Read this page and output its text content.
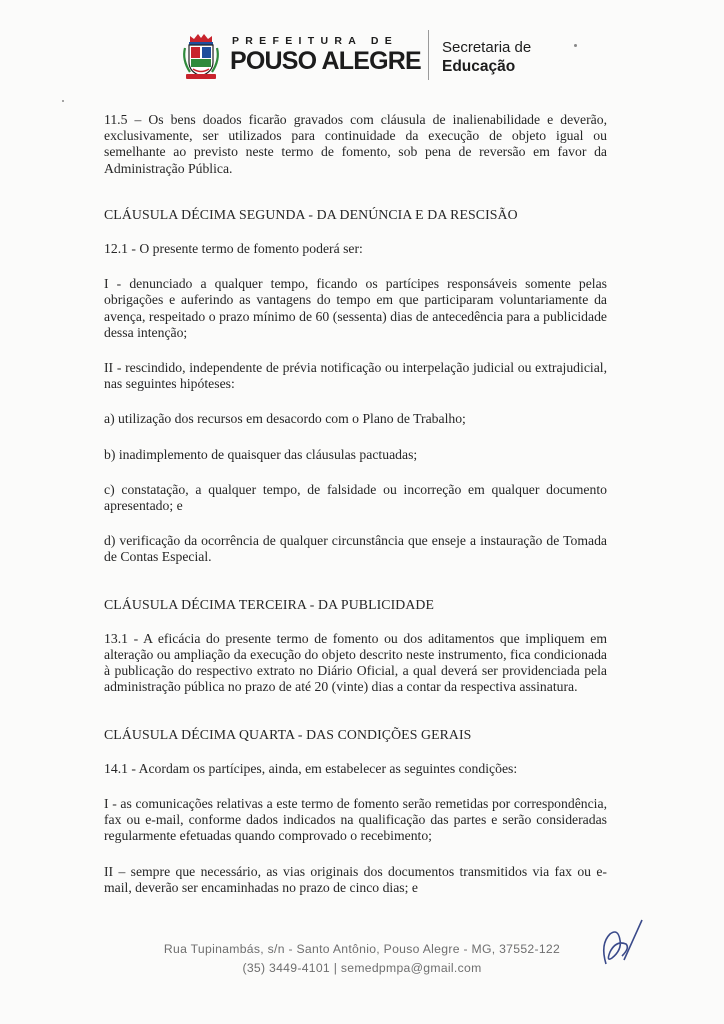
PREFEITURA DE
POUSO ALEGRE Secretaria de
Educação

11.5 – Os bens doados ficarão gravados com cláusula de inalienabilidade e deverão, exclusivamente, ser utilizados para continuidade da execução de objeto igual ou semelhante ao previsto neste termo de fomento, sob pena de reversão em favor da Administração Pública.

CLÁUSULA DÉCIMA SEGUNDA - DA DENÚNCIA E DA RESCISÃO

12.1 - O presente termo de fomento poderá ser:

I - denunciado a qualquer tempo, ficando os partícipes responsáveis somente pelas obrigações e auferindo as vantagens do tempo em que participaram voluntariamente da avença, respeitado o prazo mínimo de 60 (sessenta) dias de antecedência para a publicidade dessa intenção;

II - rescindido, independente de prévia notificação ou interpelação judicial ou extrajudicial, nas seguintes hipóteses:

a) utilização dos recursos em desacordo com o Plano de Trabalho;

b) inadimplemento de quaisquer das cláusulas pactuadas;

c) constatação, a qualquer tempo, de falsidade ou incorreção em qualquer documento apresentado; e

d) verificação da ocorrência de qualquer circunstância que enseje a instauração de Tomada de Contas Especial.

CLÁUSULA DÉCIMA TERCEIRA - DA PUBLICIDADE

13.1 - A eficácia do presente termo de fomento ou dos aditamentos que impliquem em alteração ou ampliação da execução do objeto descrito neste instrumento, fica condicionada à publicação do respectivo extrato no Diário Oficial, a qual deverá ser providenciada pela administração pública no prazo de até 20 (vinte) dias a contar da respectiva assinatura.

CLÁUSULA DÉCIMA QUARTA - DAS CONDIÇÕES GERAIS

14.1 - Acordam os partícipes, ainda, em estabelecer as seguintes condições:

I - as comunicações relativas a este termo de fomento serão remetidas por correspondência, fax ou e-mail, conforme dados indicados na qualificação das partes e serão consideradas regularmente efetuadas quando comprovado o recebimento;

II – sempre que necessário, as vias originais dos documentos transmitidos via fax ou e-mail, deverão ser encaminhadas no prazo de cinco dias; e

Rua Tupinambás, s/n - Santo Antônio, Pouso Alegre - MG, 37552-122
(35) 3449-4101 | semedpmpa@gmail.com
